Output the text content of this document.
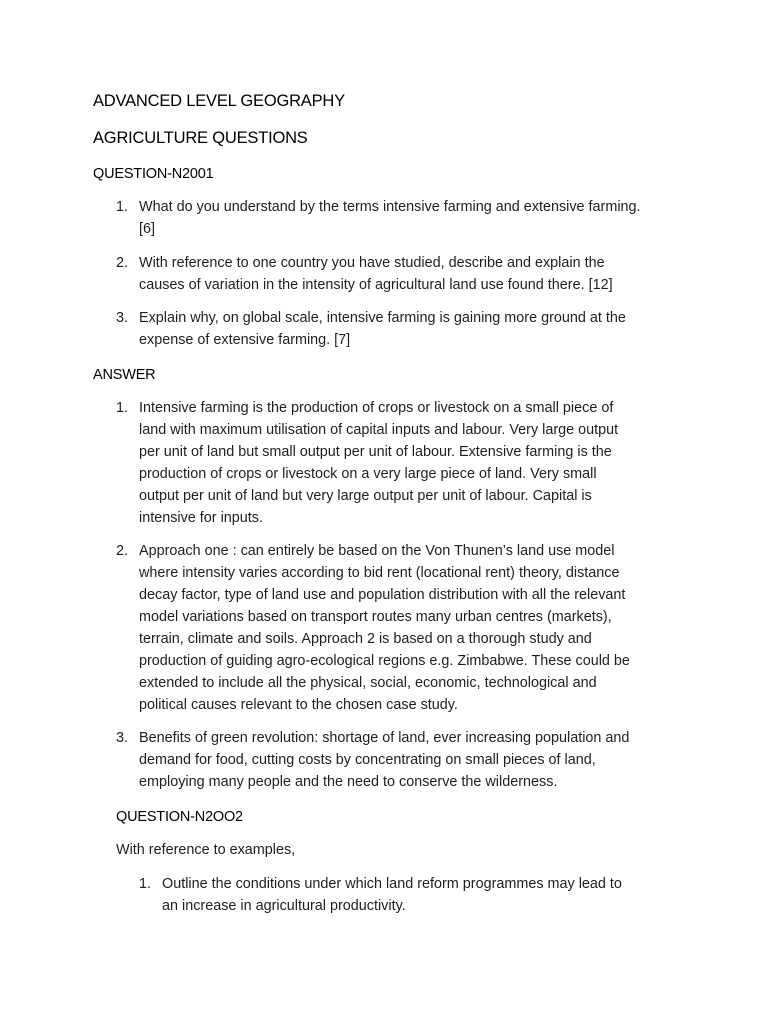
ADVANCED LEVEL GEOGRAPHY
AGRICULTURE QUESTIONS
QUESTION-N2001
1. What do you understand by the terms intensive farming and extensive farming.
[6]
2. With reference to one country you have studied, describe and explain the
causes of variation in the intensity of agricultural land use found there. [12]
3. Explain why, on global scale, intensive farming is gaining more ground at the
expense of extensive farming. [7]
ANSWER
1. Intensive farming is the production of crops or livestock on a small piece of
land with maximum utilisation of capital inputs and labour. Very large output
per unit of land but small output per unit of labour. Extensive farming is the
production of crops or livestock on a very large piece of land. Very small
output per unit of land but very large output per unit of labour. Capital is
intensive for inputs.
2. Approach one : can entirely be based on the Von Thunen’s land use model
where intensity varies according to bid rent (locational rent) theory, distance
decay factor, type of land use and population distribution with all the relevant
model variations based on transport routes many urban centres (markets),
terrain, climate and soils. Approach 2 is based on a thorough study and
production of guiding agro-ecological regions e.g. Zimbabwe. These could be
extended to include all the physical, social, economic, technological and
political causes relevant to the chosen case study.
3. Benefits of green revolution: shortage of land, ever increasing population and
demand for food, cutting costs by concentrating on small pieces of land,
employing many people and the need to conserve the wilderness.
QUESTION-N2OO2
With reference to examples,
1. Outline the conditions under which land reform programmes may lead to
an increase in agricultural productivity.
